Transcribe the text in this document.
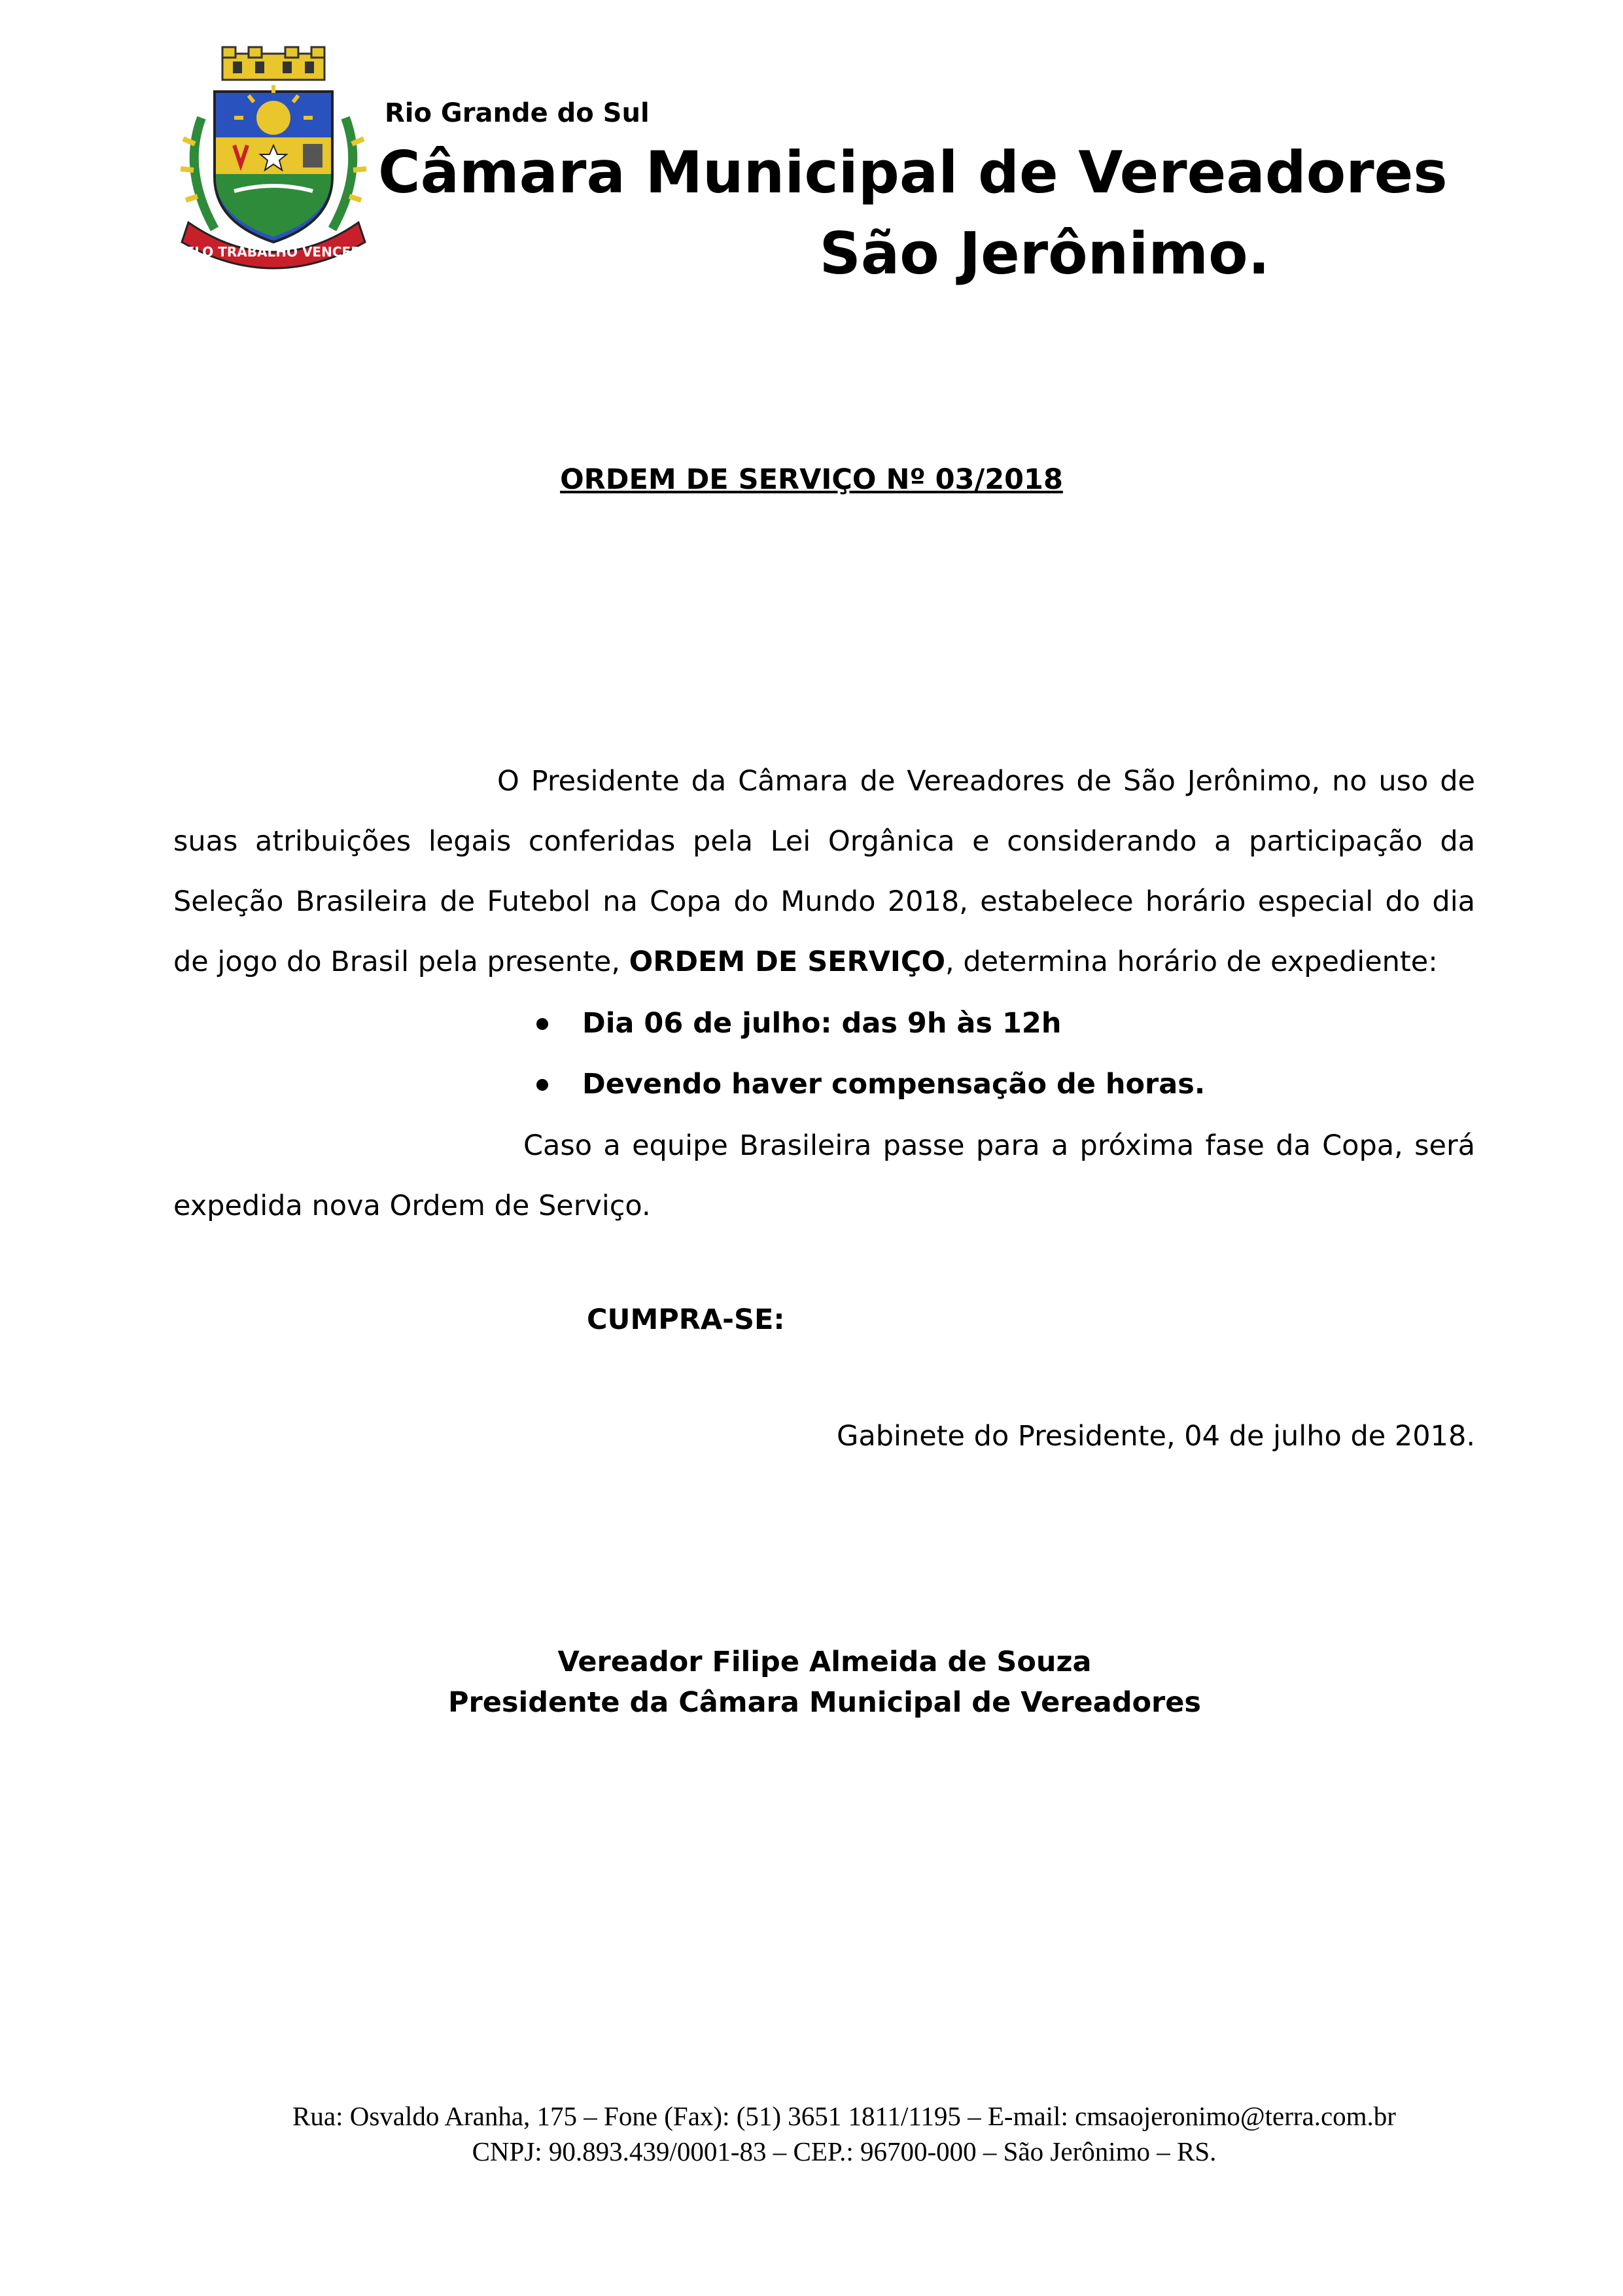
PELO TRABALHO VENCERÁ
Rio Grande do Sul
Câmara Municipal de Vereadores
São Jerônimo.
ORDEM DE SERVIÇO Nº 03/2018
O Presidente da Câmara de Vereadores de São Jerônimo, no uso de suas atribuições legais conferidas pela Lei Orgânica e considerando a participação da Seleção Brasileira de Futebol na Copa do Mundo 2018, estabelece horário especial do dia de jogo do Brasil pela presente, ORDEM DE SERVIÇO, determina horário de expediente:
Dia 06 de julho: das 9h às 12h
Devendo haver compensação de horas.
Caso a equipe Brasileira passe para a próxima fase da Copa, será expedida nova Ordem de Serviço.
CUMPRA-SE:
Gabinete do Presidente, 04 de julho de 2018.
Vereador Filipe Almeida de Souza
Presidente da Câmara Municipal de Vereadores
Rua: Osvaldo Aranha, 175 – Fone (Fax): (51) 3651 1811/1195 – E-mail: cmsaojeronimo@terra.com.br
CNPJ: 90.893.439/0001-83 – CEP.: 96700-000 – São Jerônimo – RS.
